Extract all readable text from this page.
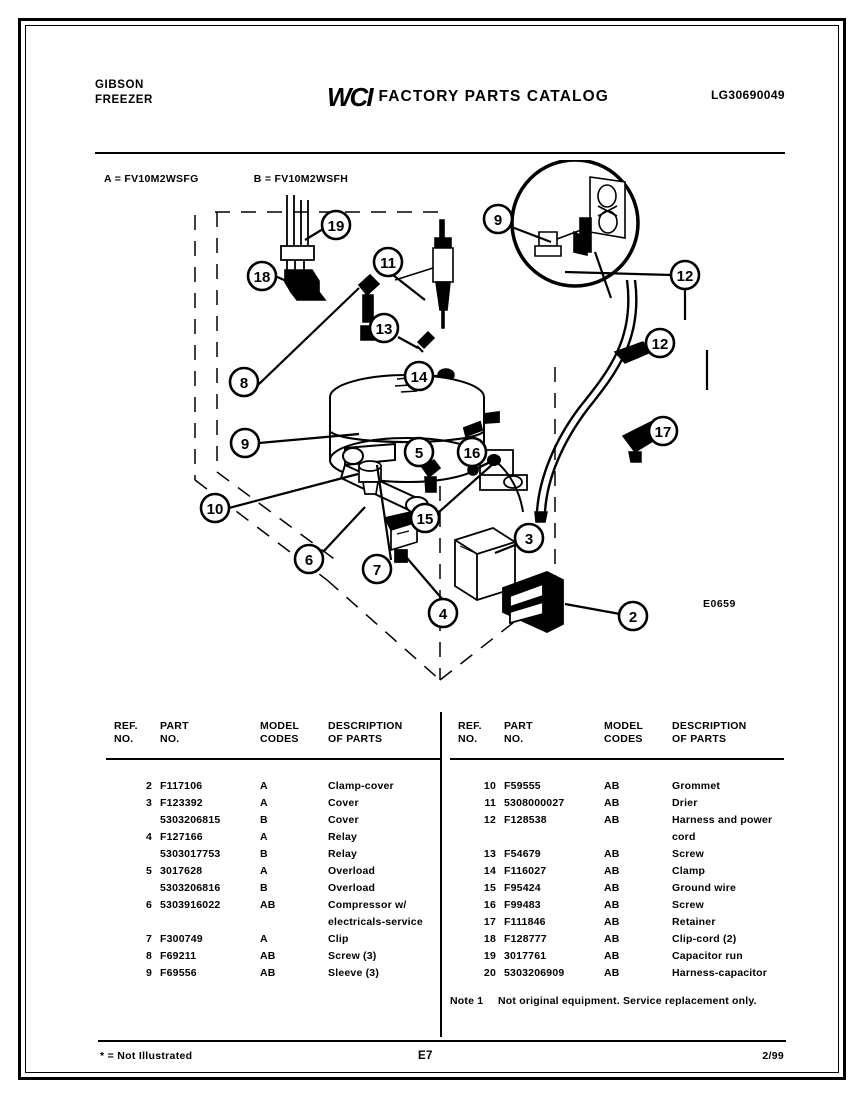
GIBSON
FREEZER	WCI FACTORY PARTS CATALOG	LG30690049
A = FV10M2WSFG	B = FV10M2WSFH
19
18
11
9
12
13
12
14
8
9
17
5	16
10
15
3
6
7
4	2
E0659
REF.
NO.
PART
NO.
MODEL
CODES
DESCRIPTION
OF PARTS
2 F117106	A	Clamp-cover
3 F123392	A	Cover
5303206815	B	Cover
4 F127166	A	Relay
5303017753	B	Relay
5 3017628	A	Overload
5303206816	B	Overload
6 5303916022	AB	Compressor w/
electricals-service
7 F300749	A	Clip
8 F69211	AB	Screw (3)
9 F69556	AB	Sleeve (3)
REF.
NO.
PART
NO.
MODEL
CODES
DESCRIPTION
OF PARTS
10 F59555	AB	Grommet
11 5308000027	AB	Drier
12 F128538	AB	Harness and power
cord
13 F54679	AB	Screw
14 F116027	AB	Clamp
15 F95424	AB	Ground wire
16 F99483	AB	Screw
17 F111846	AB	Retainer
18 F128777	AB	Clip-cord (2)
19 3017761	AB	Capacitor run
20 5303206909	AB	Harness-capacitor
Note 1 Not original equipment. Service replacement only.
* = Not Illustrated	E7	2/99
